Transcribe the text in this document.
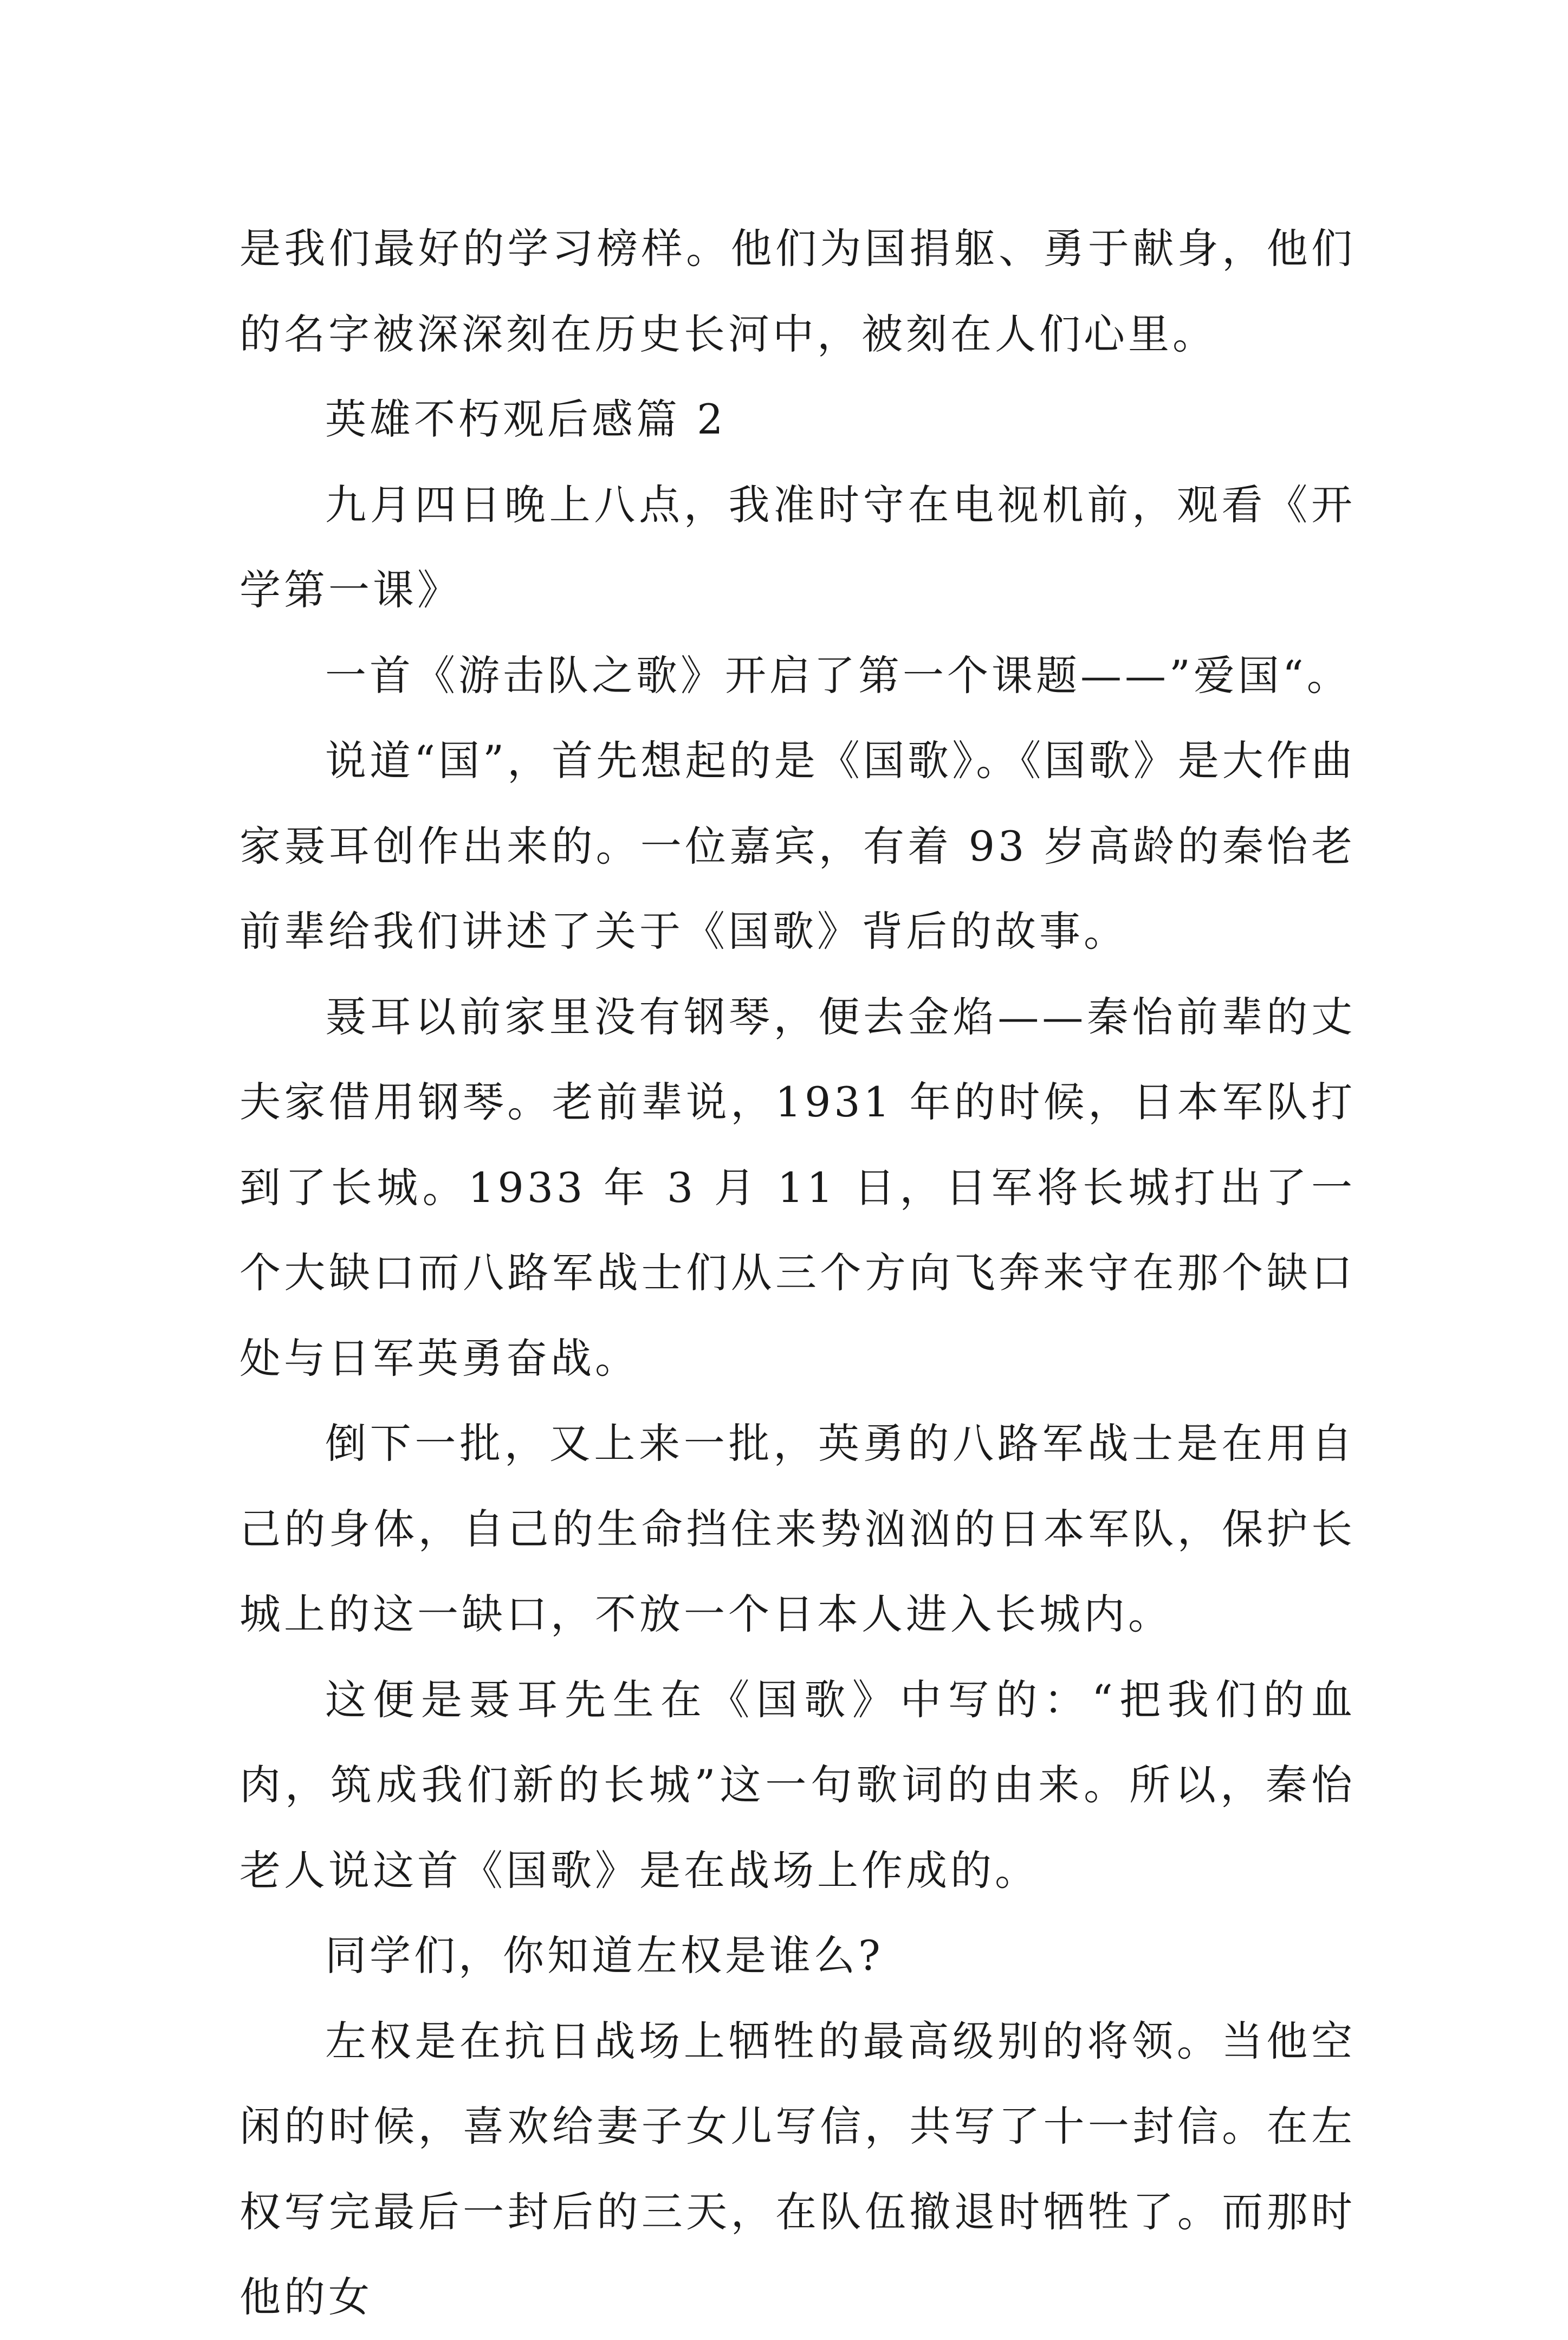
是我们最好的学习榜样。他们为国捐躯、勇于献身，他们的名字被深深刻在历史长河中，被刻在人们心里。

英雄不朽观后感篇 2

九月四日晚上八点，我准时守在电视机前，观看《开学第一课》

一首《游击队之歌》开启了第一个课题——”爱国“。

说道“国”，首先想起的是《国歌》。《国歌》是大作曲家聂耳创作出来的。一位嘉宾，有着 93 岁高龄的秦怡老前辈给我们讲述了关于《国歌》背后的故事。

聂耳以前家里没有钢琴，便去金焰——秦怡前辈的丈夫家借用钢琴。老前辈说，1931 年的时候，日本军队打到了长城。1933 年 3 月 11 日，日军将长城打出了一个大缺口而八路军战士们从三个方向飞奔来守在那个缺口处与日军英勇奋战。

倒下一批，又上来一批，英勇的八路军战士是在用自己的身体，自己的生命挡住来势汹汹的日本军队，保护长城上的这一缺口，不放一个日本人进入长城内。

这便是聂耳先生在《国歌》中写的：“把我们的血肉，筑成我们新的长城”这一句歌词的由来。所以，秦怡老人说这首《国歌》是在战场上作成的。

同学们，你知道左权是谁么?

左权是在抗日战场上牺牲的最高级别的将领。当他空闲的时候，喜欢给妻子女儿写信，共写了十一封信。在左权写完最后一封后的三天，在队伍撤退时牺牲了。而那时他的女
